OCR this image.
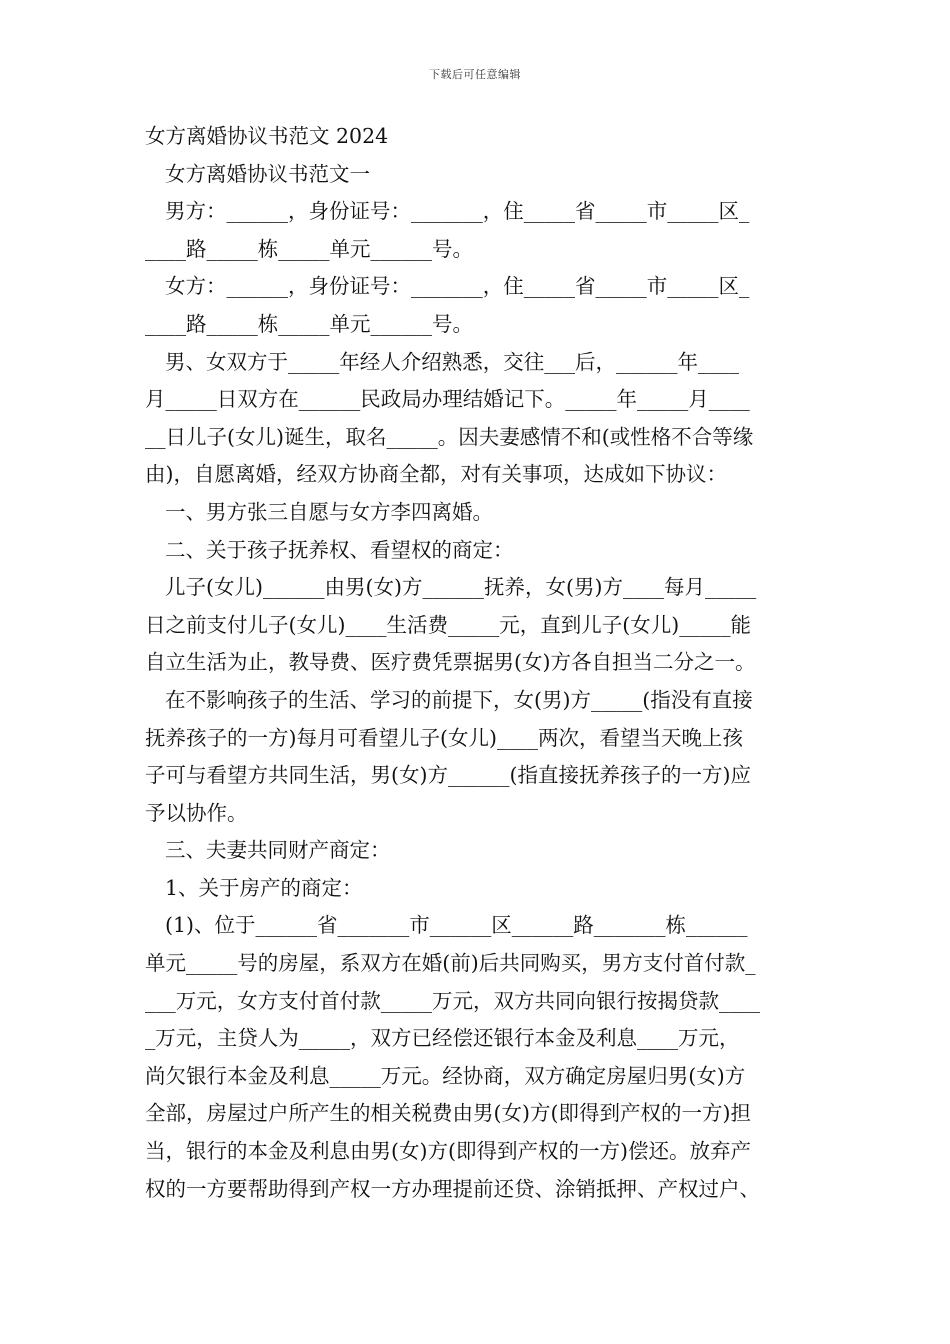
下载后可任意编辑

女方离婚协议书范文 2024

女方离婚协议书范文一

男方：______，身份证号：_______，住_____省_____市_____区_

____路_____栋_____单元______号。

女方：______，身份证号：_______，住_____省_____市_____区_

____路_____栋_____单元______号。

男、女双方于_____年经人介绍熟悉，交往___后，______年____

月_____日双方在______民政局办理结婚记下。_____年_____月____

__日儿子(女儿)诞生，取名_____。因夫妻感情不和(或性格不合等缘

由)，自愿离婚，经双方协商全都，对有关事项，达成如下协议：

一、男方张三自愿与女方李四离婚。

二、关于孩子抚养权、看望权的商定：

儿子(女儿)______由男(女)方______抚养，女(男)方____每月_____

日之前支付儿子(女儿)____生活费_____元，直到儿子(女儿)_____能

自立生活为止，教导费、医疗费凭票据男(女)方各自担当二分之一。

在不影响孩子的生活、学习的前提下，女(男)方_____(指没有直接

抚养孩子的一方)每月可看望儿子(女儿)____两次，看望当天晚上孩

子可与看望方共同生活，男(女)方______(指直接抚养孩子的一方)应

予以协作。

三、夫妻共同财产商定：

1、关于房产的商定：

(1)、位于______省_______市______区______路_______栋______

单元_____号的房屋，系双方在婚(前)后共同购买，男方支付首付款_

___万元，女方支付首付款_____万元，双方共同向银行按揭贷款____

_万元，主贷人为_____，双方已经偿还银行本金及利息____万元，

尚欠银行本金及利息_____万元。经协商，双方确定房屋归男(女)方

全部，房屋过户所产生的相关税费由男(女)方(即得到产权的一方)担

当，银行的本金及利息由男(女)方(即得到产权的一方)偿还。放弃产

权的一方要帮助得到产权一方办理提前还贷、涂销抵押、产权过户、
